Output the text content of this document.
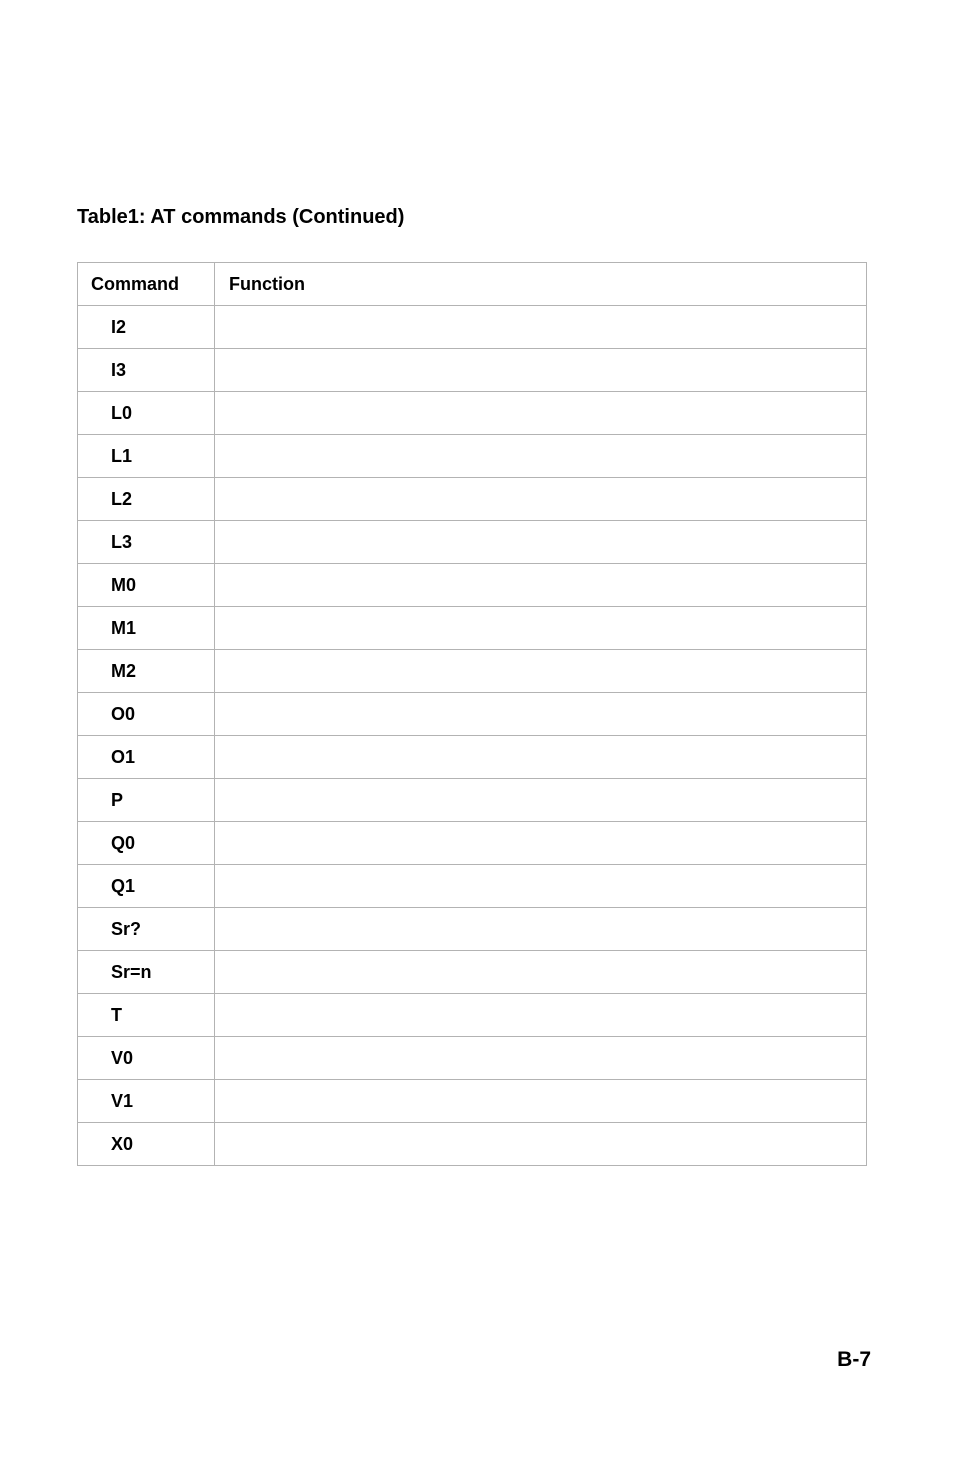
Table1: AT commands (Continued)
Command	Function
I2	
I3	
L0	
L1	
L2	
L3	
M0	
M1	
M2	
O0	
O1	
P	
Q0	
Q1	
Sr?	
Sr=n	
T	
V0	
V1	
X0	
B-7
